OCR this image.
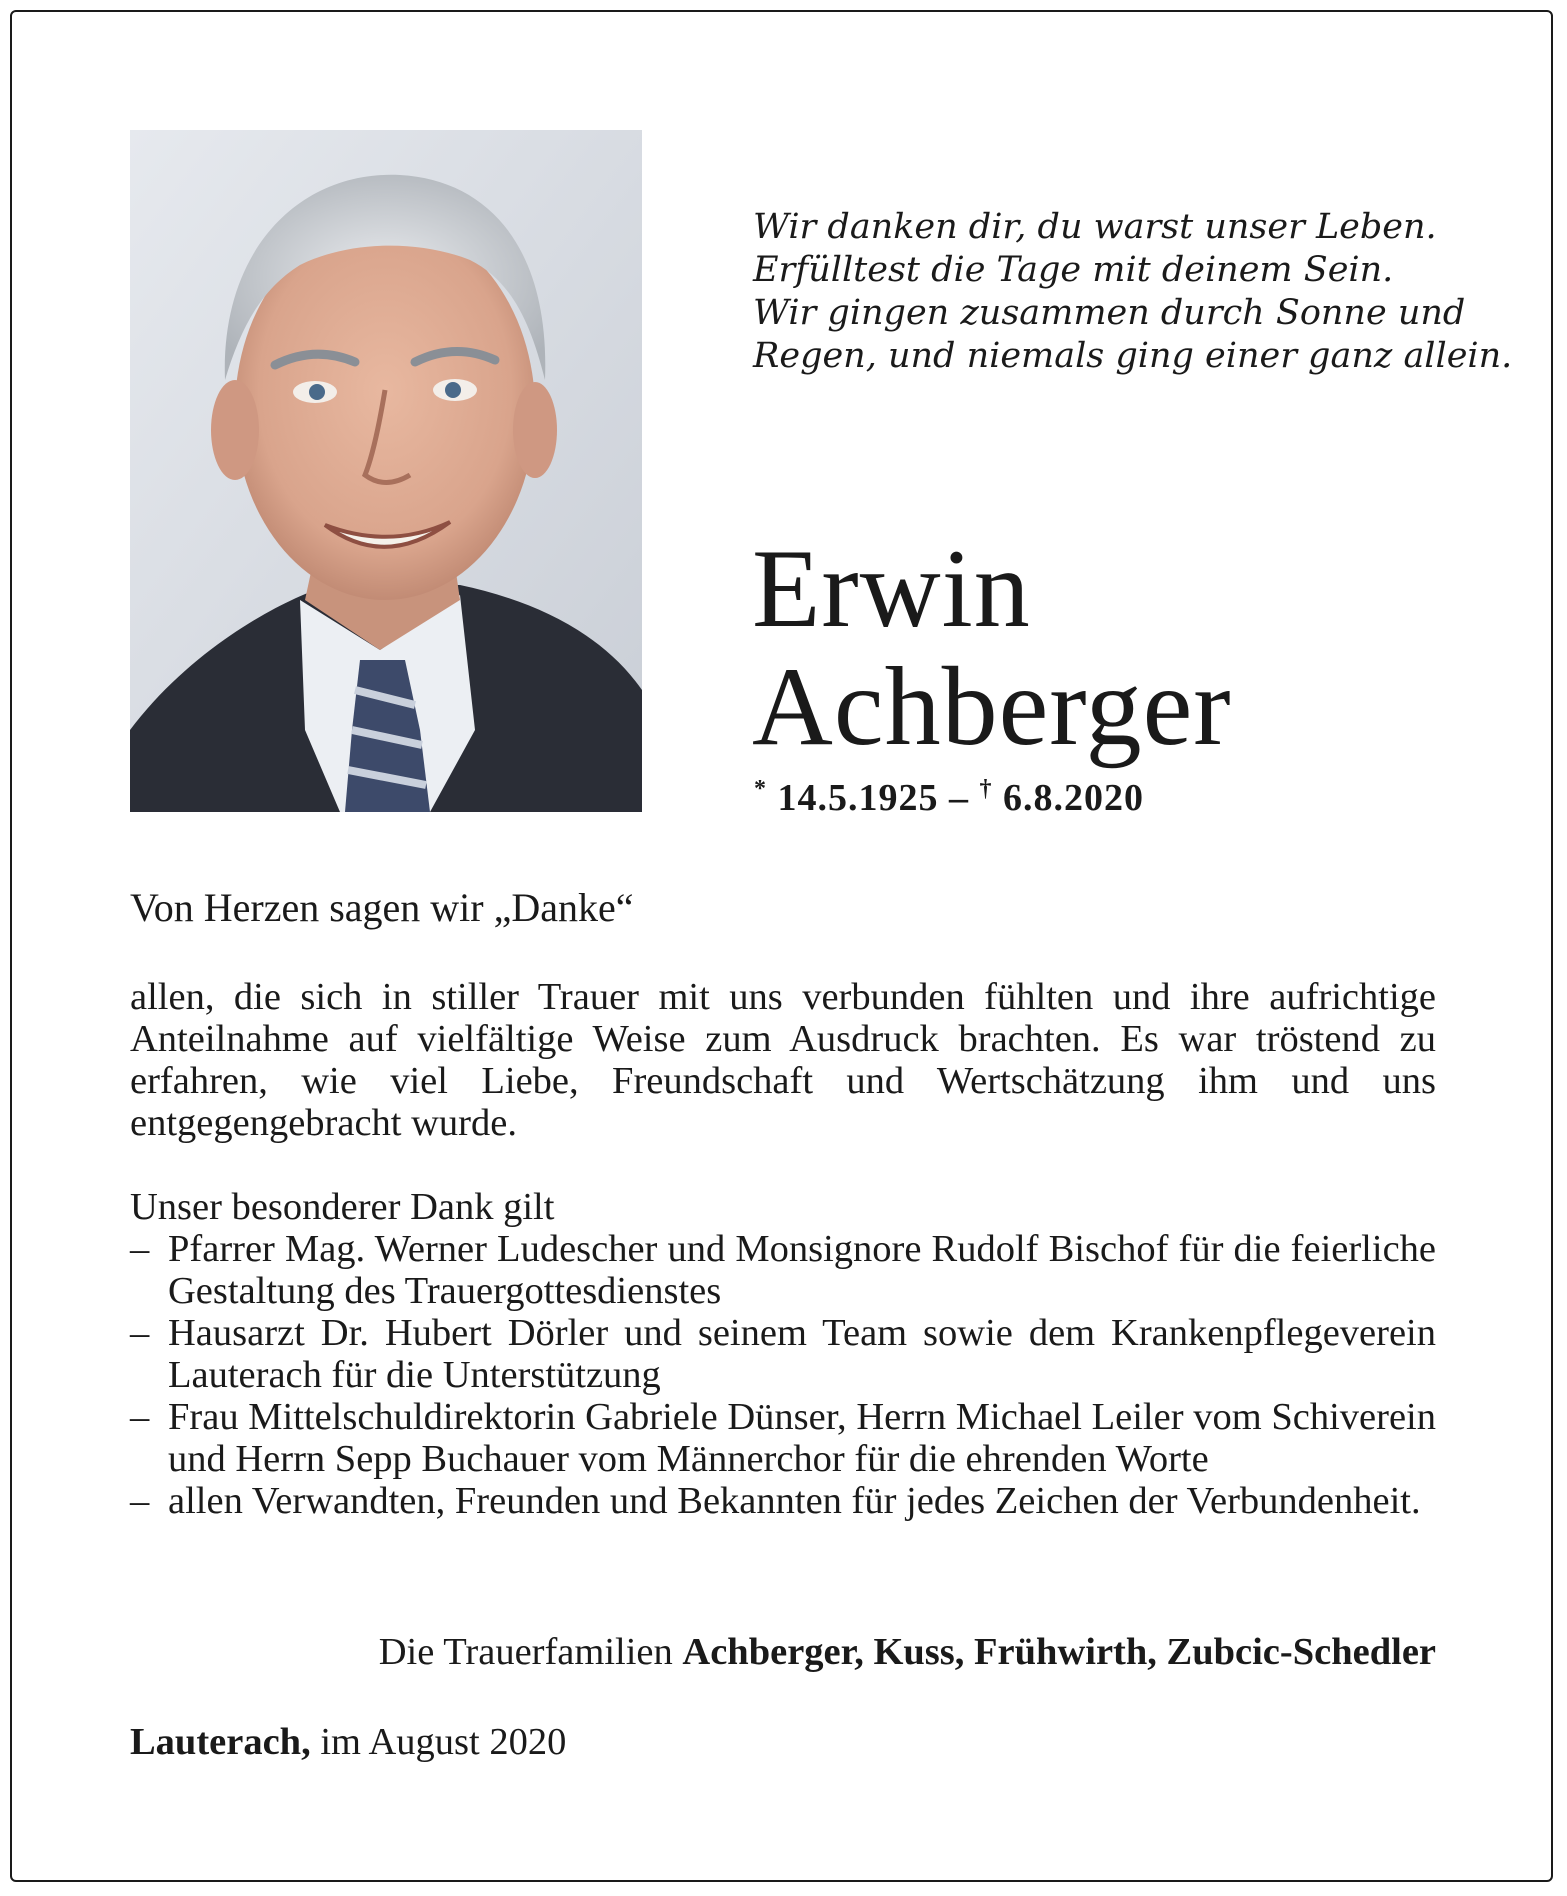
Wir danken dir, du warst unser Leben.
Erfülltest die Tage mit deinem Sein.
Wir gingen zusammen durch Sonne und
Regen, und niemals ging einer ganz allein.
Erwin
Achberger
* 14.5.1925 – † 6.8.2020
Von Herzen sagen wir „Danke“

allen, die sich in stiller Trauer mit uns verbunden fühlten und ihre aufrichtige Anteilnahme auf vielfältige Weise zum Ausdruck brachten. Es war tröstend zu erfahren, wie viel Liebe, Freundschaft und Wertschätzung ihm und uns entgegengebracht wurde.

Unser besonderer Dank gilt

– Pfarrer Mag. Werner Ludescher und Monsignore Rudolf Bischof für die feierliche Gestaltung des Trauergottesdienstes
– Hausarzt Dr. Hubert Dörler und seinem Team sowie dem Krankenpflegeverein Lauterach für die Unterstützung
– Frau Mittelschuldirektorin Gabriele Dünser, Herrn Michael Leiler vom Schiverein und Herrn Sepp Buchauer vom Männerchor für die ehrenden Worte
– allen Verwandten, Freunden und Bekannten für jedes Zeichen der Verbundenheit.
Die Trauerfamilien Achberger, Kuss, Frühwirth, Zubcic-Schedler
Lauterach, im August 2020
